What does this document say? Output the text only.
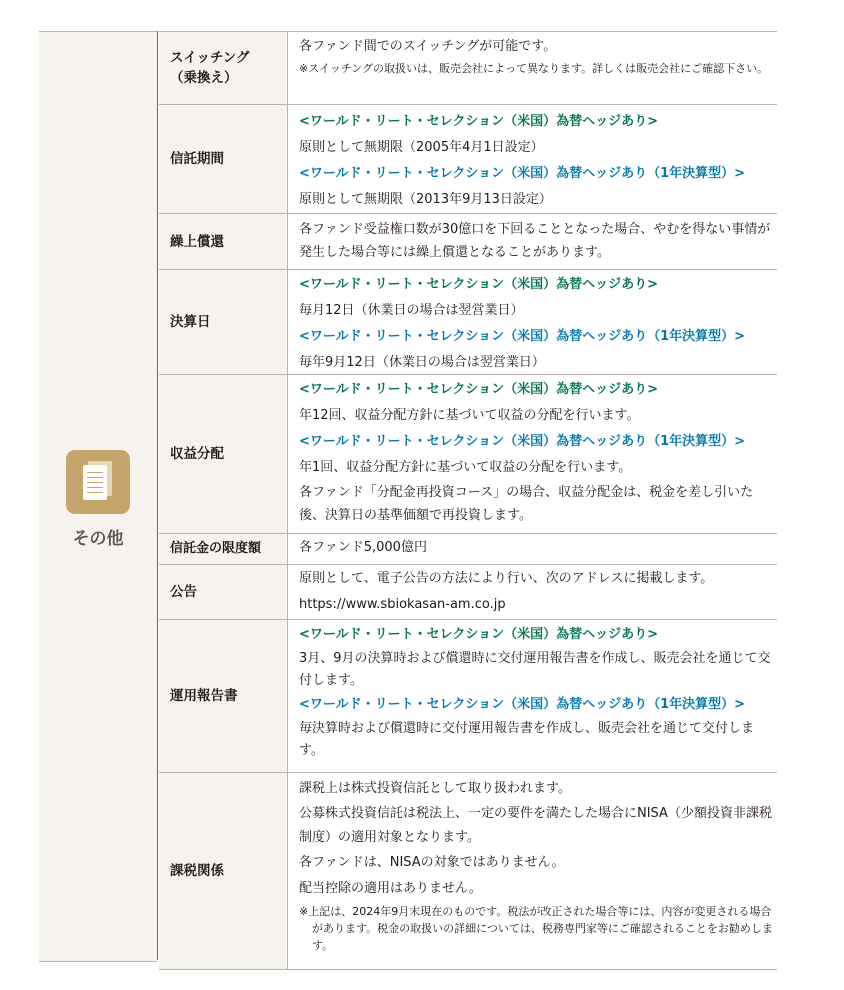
その他
スイッチング
（乗換え）

各ファンド間でのスイッチングが可能です。

※スイッチングの取扱いは、販売会社によって異なります。詳しくは販売会社にご確認下さい。

信託期間
<ワールド・リート・セレクション（米国）為替ヘッジあり>

原則として無期限（2005年4月1日設定）

<ワールド・リート・セレクション（米国）為替ヘッジあり（1年決算型）>

原則として無期限（2013年9月13日設定）

繰上償還

各ファンド受益権口数が30億口を下回ることとなった場合、やむを得ない事情が発生した場合等には繰上償還となることがあります。

決算日
<ワールド・リート・セレクション（米国）為替ヘッジあり>

毎月12日（休業日の場合は翌営業日）

<ワールド・リート・セレクション（米国）為替ヘッジあり（1年決算型）>

毎年9月12日（休業日の場合は翌営業日）

収益分配
<ワールド・リート・セレクション（米国）為替ヘッジあり>

年12回、収益分配方針に基づいて収益の分配を行います。

<ワールド・リート・セレクション（米国）為替ヘッジあり（1年決算型）>

年1回、収益分配方針に基づいて収益の分配を行います。

各ファンド「分配金再投資コース」の場合、収益分配金は、税金を差し引いた後、決算日の基準価額で再投資します。

信託金の限度額	各ファンド5,000億円

公告

原則として、電子公告の方法により行い、次のアドレスに掲載します。

https://www.sbiokasan-am.co.jp

運用報告書
<ワールド・リート・セレクション（米国）為替ヘッジあり>

3月、9月の決算時および償還時に交付運用報告書を作成し、販売会社を通じて交付します。

<ワールド・リート・セレクション（米国）為替ヘッジあり（1年決算型）>

毎決算時および償還時に交付運用報告書を作成し、販売会社を通じて交付します。

課税関係

課税上は株式投資信託として取り扱われます。

公募株式投資信託は税法上、一定の要件を満たした場合にNISA（少額投資非課税制度）の適用対象となります。

各ファンドは、NISAの対象ではありません。

配当控除の適用はありません。

※上記は、2024年9月末現在のものです。税法が改正された場合等には、内容が変更される場合があります。税金の取扱いの詳細については、税務専門家等にご確認されることをお勧めします。
